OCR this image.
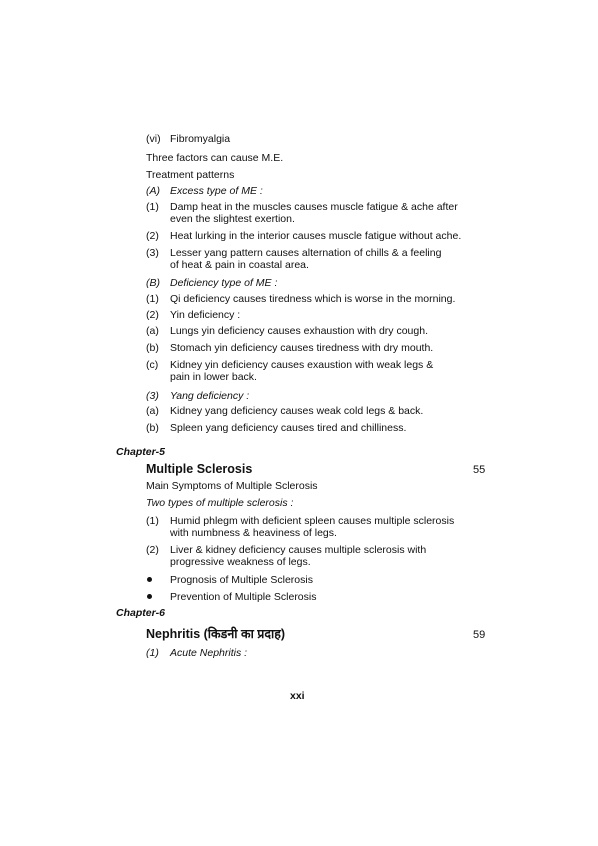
(vi) Fibromyalgia
Three factors can cause M.E.
Treatment patterns
(A) Excess type of ME :
(1) Damp heat in the muscles causes muscle fatigue & ache after
even the slightest exertion.
(2) Heat lurking in the interior causes muscle fatigue without ache.
(3) Lesser yang pattern causes alternation of chills & a feeling
of heat & pain in coastal area.
(B) Deficiency type of ME :
(1) Qi deficiency causes tiredness which is worse in the morning.
(2) Yin deficiency :
(a) Lungs yin deficiency causes exhaustion with dry cough.
(b) Stomach yin deficiency causes tiredness with dry mouth.
(c) Kidney yin deficiency causes exaustion with weak legs &
pain in lower back.
(3) Yang deficiency :
(a) Kidney yang deficiency causes weak cold legs & back.
(b) Spleen yang deficiency causes tired and chilliness.
Chapter-5
Multiple Sclerosis	55
Main Symptoms of Multiple Sclerosis
Two types of multiple sclerosis :
(1) Humid phlegm with deficient spleen causes multiple sclerosis
with numbness & heaviness of legs.
(2) Liver & kidney deficiency causes multiple sclerosis with
progressive weakness of legs.
Prognosis of Multiple Sclerosis
Prevention of Multiple Sclerosis
Chapter-6
Nephritis (किडनी का प्रदाह)	59
(1) Acute Nephritis :
xxi
